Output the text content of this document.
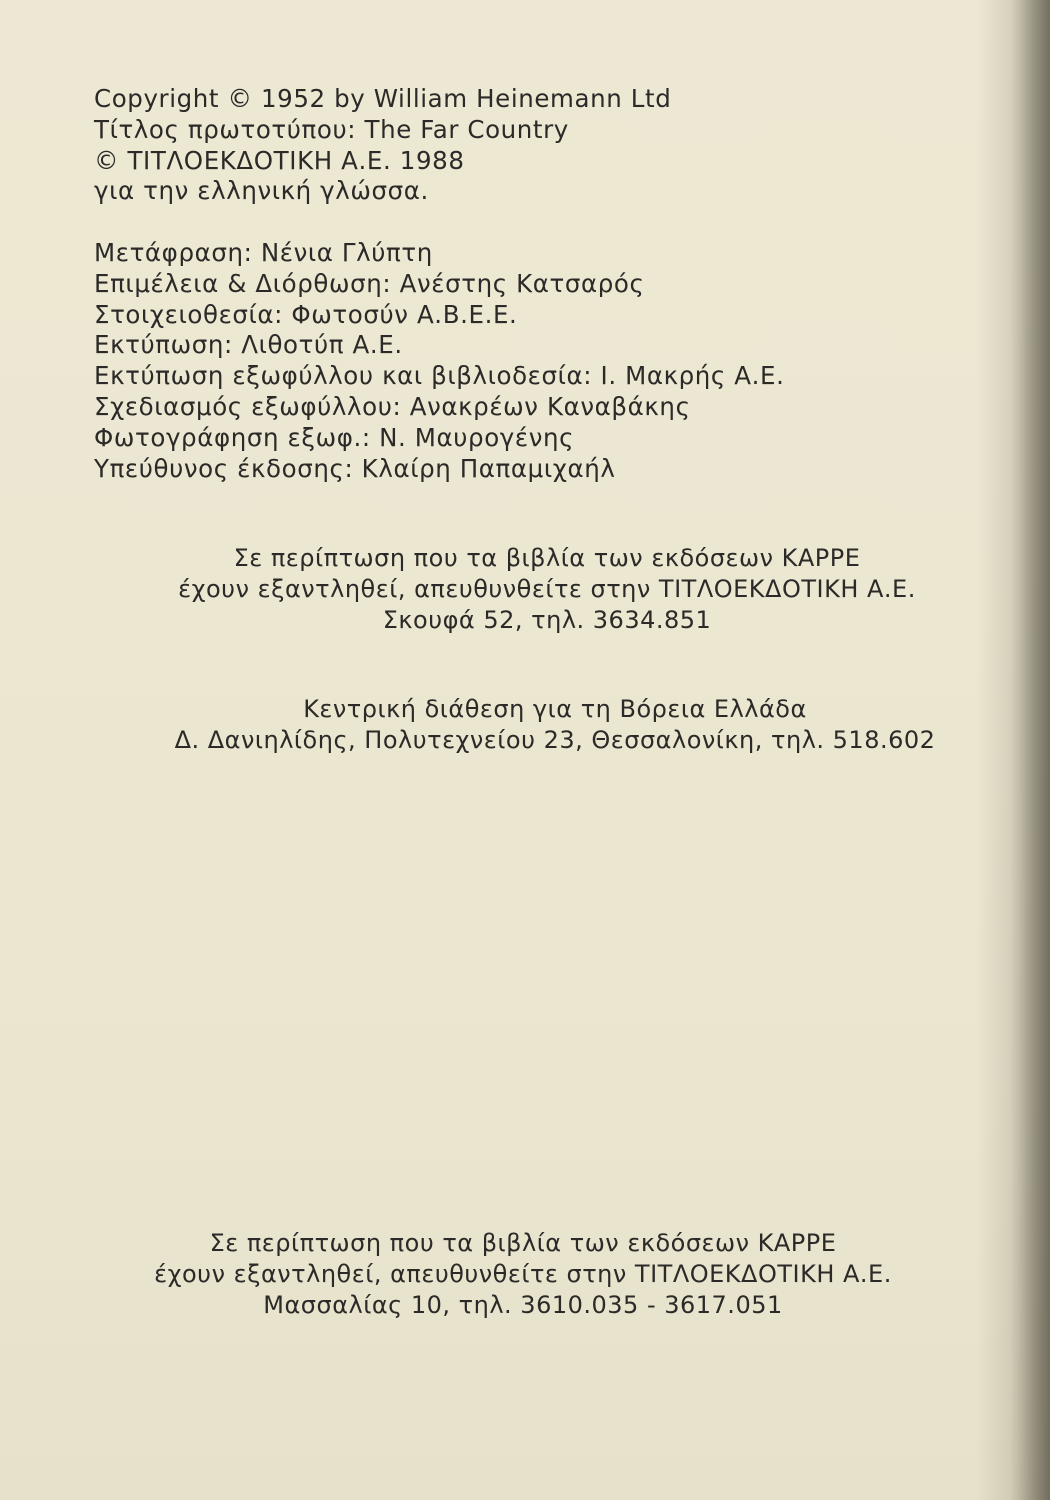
Copyright © 1952 by William Heinemann Ltd
Τίτλος πρωτοτύπου: The Far Country
© ΤΙΤΛΟΕΚΔΟΤΙΚΗ Α.Ε. 1988
για την ελληνική γλώσσα.
Μετάφραση: Νένια Γλύπτη
Επιμέλεια & Διόρθωση: Ανέστης Κατσαρός
Στοιχειοθεσία: Φωτοσύν Α.Β.Ε.Ε.
Εκτύπωση: Λιθοτύπ Α.Ε.
Εκτύπωση εξωφύλλου και βιβλιοδεσία: Ι. Μακρής Α.Ε.
Σχεδιασμός εξωφύλλου: Ανακρέων Καναβάκης
Φωτογράφηση εξωφ.: Ν. Μαυρογένης
Υπεύθυνος έκδοσης: Κλαίρη Παπαμιχαήλ
Σε περίπτωση που τα βιβλία των εκδόσεων ΚΑΡΡΕ
έχουν εξαντληθεί, απευθυνθείτε στην ΤΙΤΛΟΕΚΔΟΤΙΚΗ Α.Ε.
Σκουφά 52, τηλ. 3634.851
Κεντρική διάθεση για τη Βόρεια Ελλάδα
Δ. Δανιηλίδης, Πολυτεχνείου 23, Θεσσαλονίκη, τηλ. 518.602
Σε περίπτωση που τα βιβλία των εκδόσεων ΚΑΡΡΕ
έχουν εξαντληθεί, απευθυνθείτε στην ΤΙΤΛΟΕΚΔΟΤΙΚΗ Α.Ε.
Μασσαλίας 10, τηλ. 3610.035 - 3617.051
